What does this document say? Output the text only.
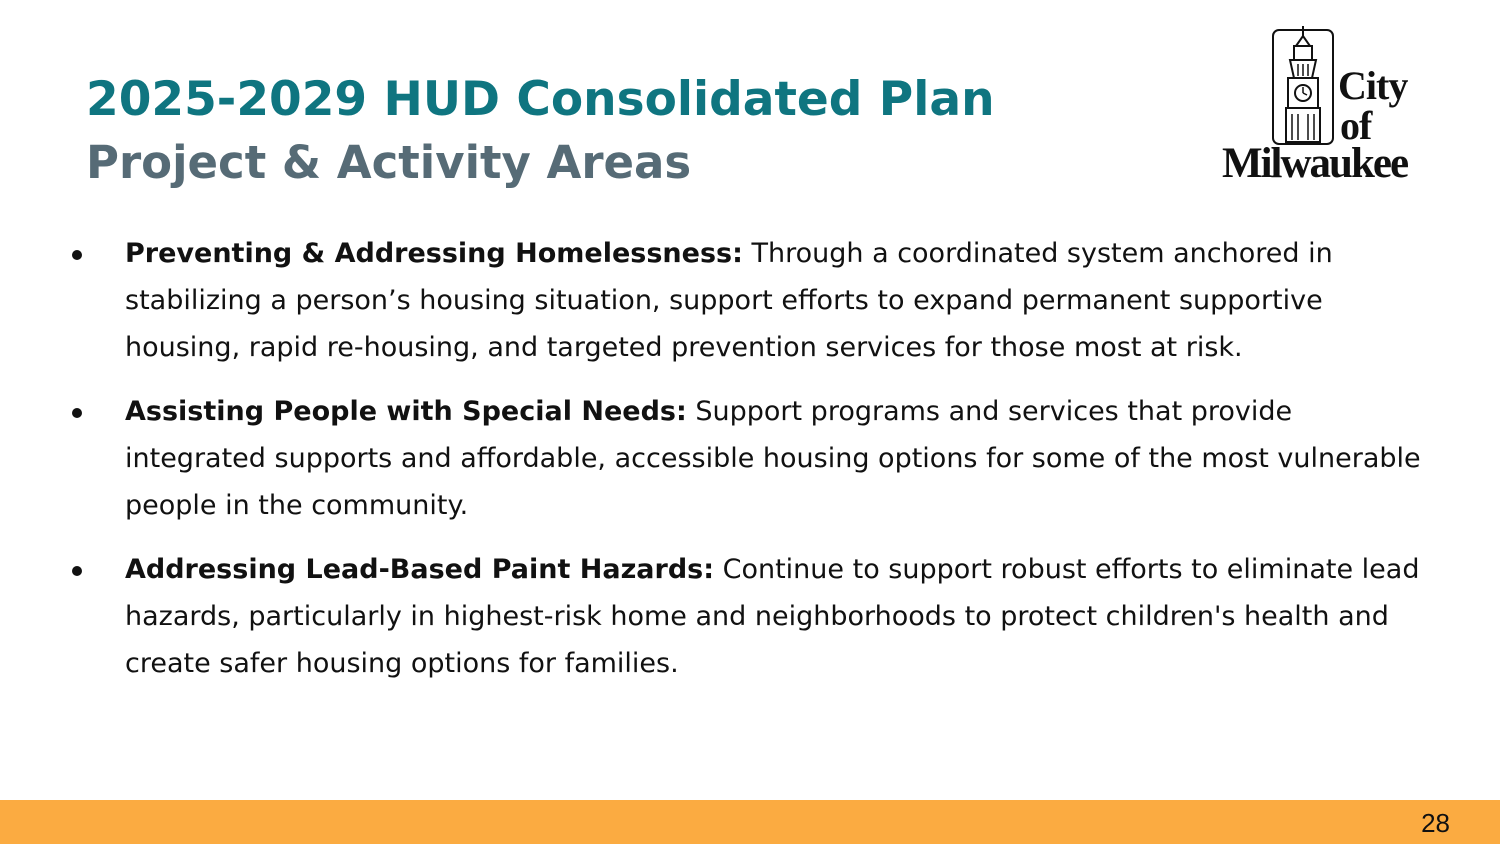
2025-2029 HUD Consolidated Plan
Project & Activity Areas
City
of
Milwaukee
Preventing & Addressing Homelessness: Through a coordinated system anchored in stabilizing a person’s housing situation, support efforts to expand permanent supportive housing, rapid re-housing, and targeted prevention services for those most at risk.
Assisting People with Special Needs: Support programs and services that provide integrated supports and affordable, accessible housing options for some of the most vulnerable people in the community.
Addressing Lead-Based Paint Hazards: Continue to support robust efforts to eliminate lead hazards, particularly in highest-risk home and neighborhoods to protect children's health and create safer housing options for families.
28
